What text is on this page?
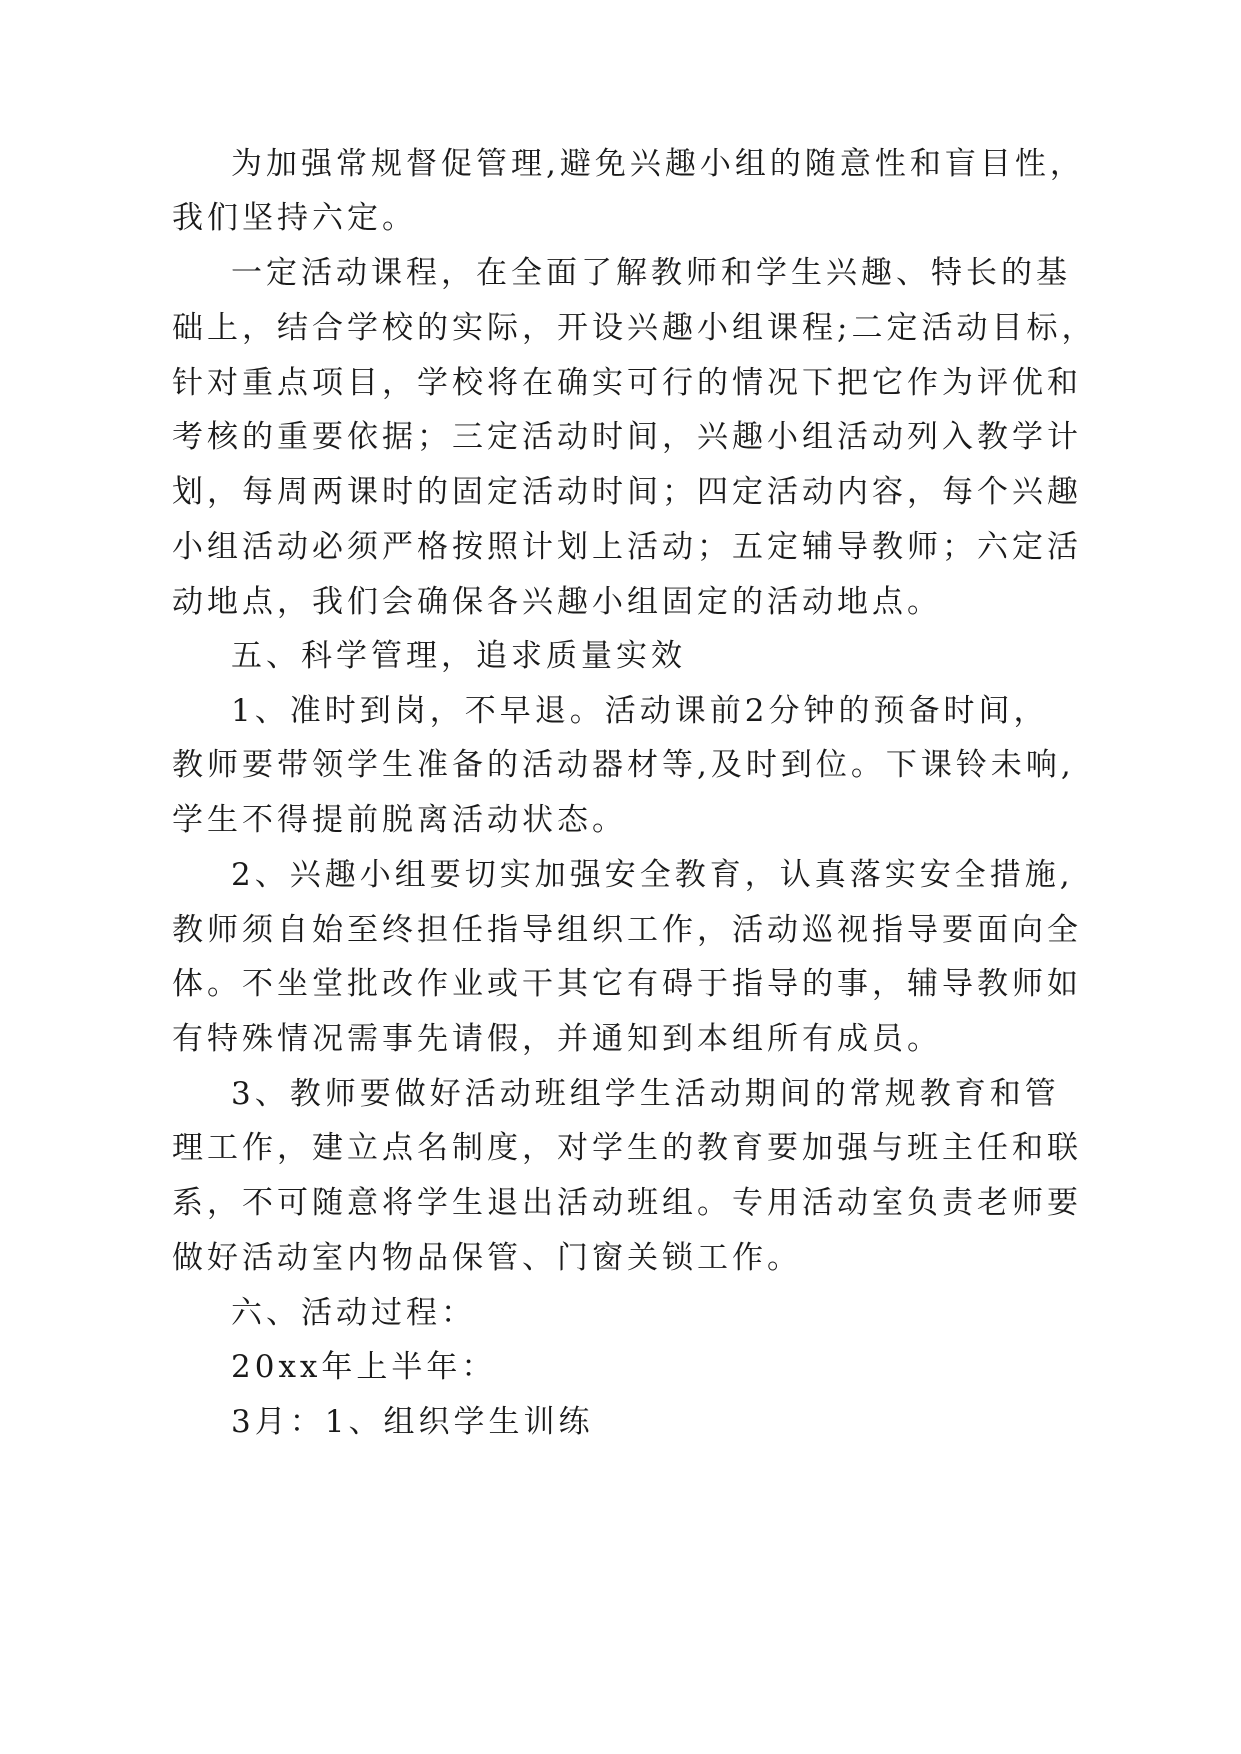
为加强常规督促管理,避免兴趣小组的随意性和盲目性，
我们坚持六定。
一定活动课程，在全面了解教师和学生兴趣、特长的基
础上，结合学校的实际，开设兴趣小组课程;二定活动目标，
针对重点项目，学校将在确实可行的情况下把它作为评优和
考核的重要依据；三定活动时间，兴趣小组活动列入教学计
划，每周两课时的固定活动时间；四定活动内容，每个兴趣
小组活动必须严格按照计划上活动；五定辅导教师；六定活
动地点，我们会确保各兴趣小组固定的活动地点。
五、科学管理，追求质量实效
1、准时到岗，不早退。活动课前2分钟的预备时间，
教师要带领学生准备的活动器材等,及时到位。下课铃未响,
学生不得提前脱离活动状态。
2、兴趣小组要切实加强安全教育，认真落实安全措施,
教师须自始至终担任指导组织工作，活动巡视指导要面向全
体。不坐堂批改作业或干其它有碍于指导的事，辅导教师如
有特殊情况需事先请假，并通知到本组所有成员。
3、教师要做好活动班组学生活动期间的常规教育和管
理工作，建立点名制度，对学生的教育要加强与班主任和联
系，不可随意将学生退出活动班组。专用活动室负责老师要
做好活动室内物品保管、门窗关锁工作。
六、活动过程：
20xx年上半年：
3月：1、组织学生训练
